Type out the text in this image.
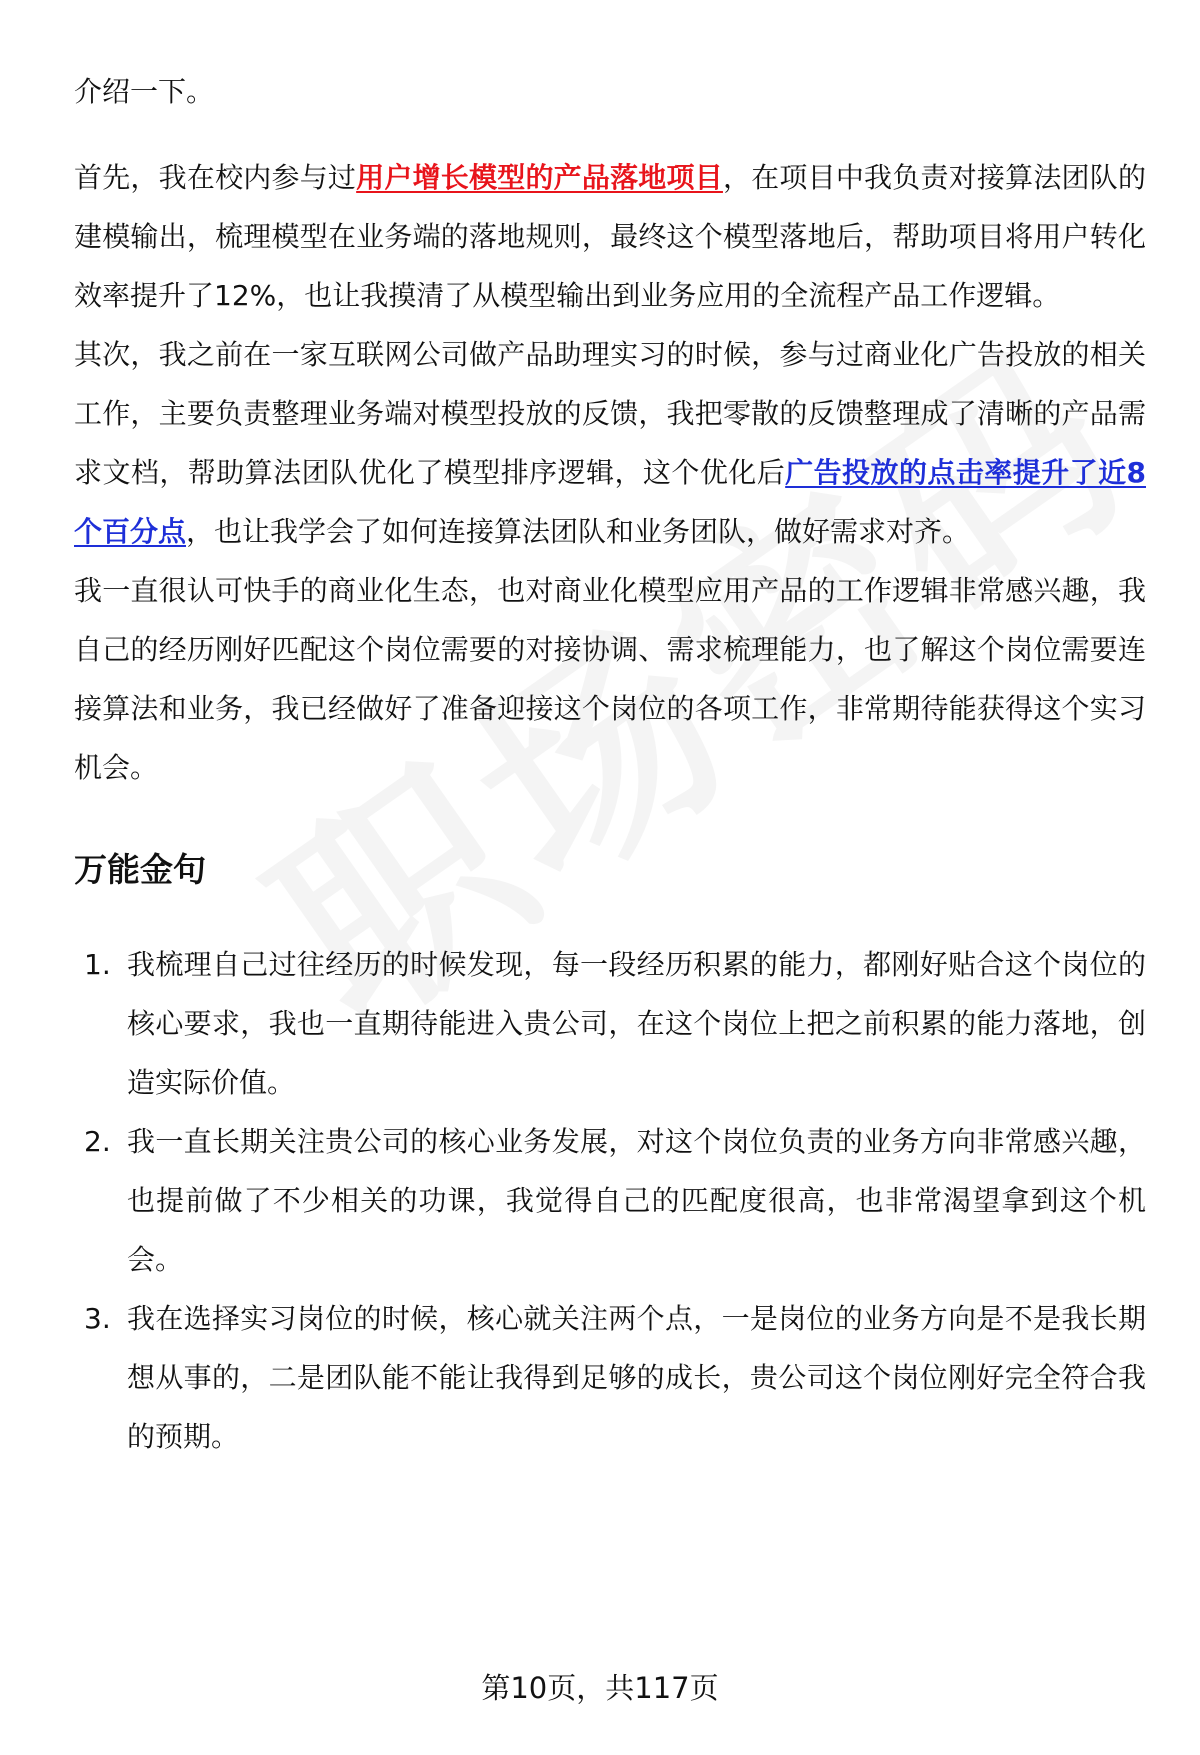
介绍一下。

首先，我在校内参与过用户增长模型的产品落地项目，在项目中我负责对接算法团队的建模输出，梳理模型在业务端的落地规则，最终这个模型落地后，帮助项目将用户转化效率提升了12%，也让我摸清了从模型输出到业务应用的全流程产品工作逻辑。

其次，我之前在一家互联网公司做产品助理实习的时候，参与过商业化广告投放的相关工作，主要负责整理业务端对模型投放的反馈，我把零散的反馈整理成了清晰的产品需求文档，帮助算法团队优化了模型排序逻辑，这个优化后广告投放的点击率提升了近8个百分点，也让我学会了如何连接算法团队和业务团队，做好需求对齐。

我一直很认可快手的商业化生态，也对商业化模型应用产品的工作逻辑非常感兴趣，我自己的经历刚好匹配这个岗位需要的对接协调、需求梳理能力，也了解这个岗位需要连接算法和业务，我已经做好了准备迎接这个岗位的各项工作，非常期待能获得这个实习机会。

万能金句
1. 我梳理自己过往经历的时候发现，每一段经历积累的能力，都刚好贴合这个岗位的核心要求，我也一直期待能进入贵公司，在这个岗位上把之前积累的能力落地，创造实际价值。
2. 我一直长期关注贵公司的核心业务发展，对这个岗位负责的业务方向非常感兴趣，也提前做了不少相关的功课，我觉得自己的匹配度很高，也非常渴望拿到这个机会。
3. 我在选择实习岗位的时候，核心就关注两个点，一是岗位的业务方向是不是我长期想从事的，二是团队能不能让我得到足够的成长，贵公司这个岗位刚好完全符合我的预期。
第10页，共117页
